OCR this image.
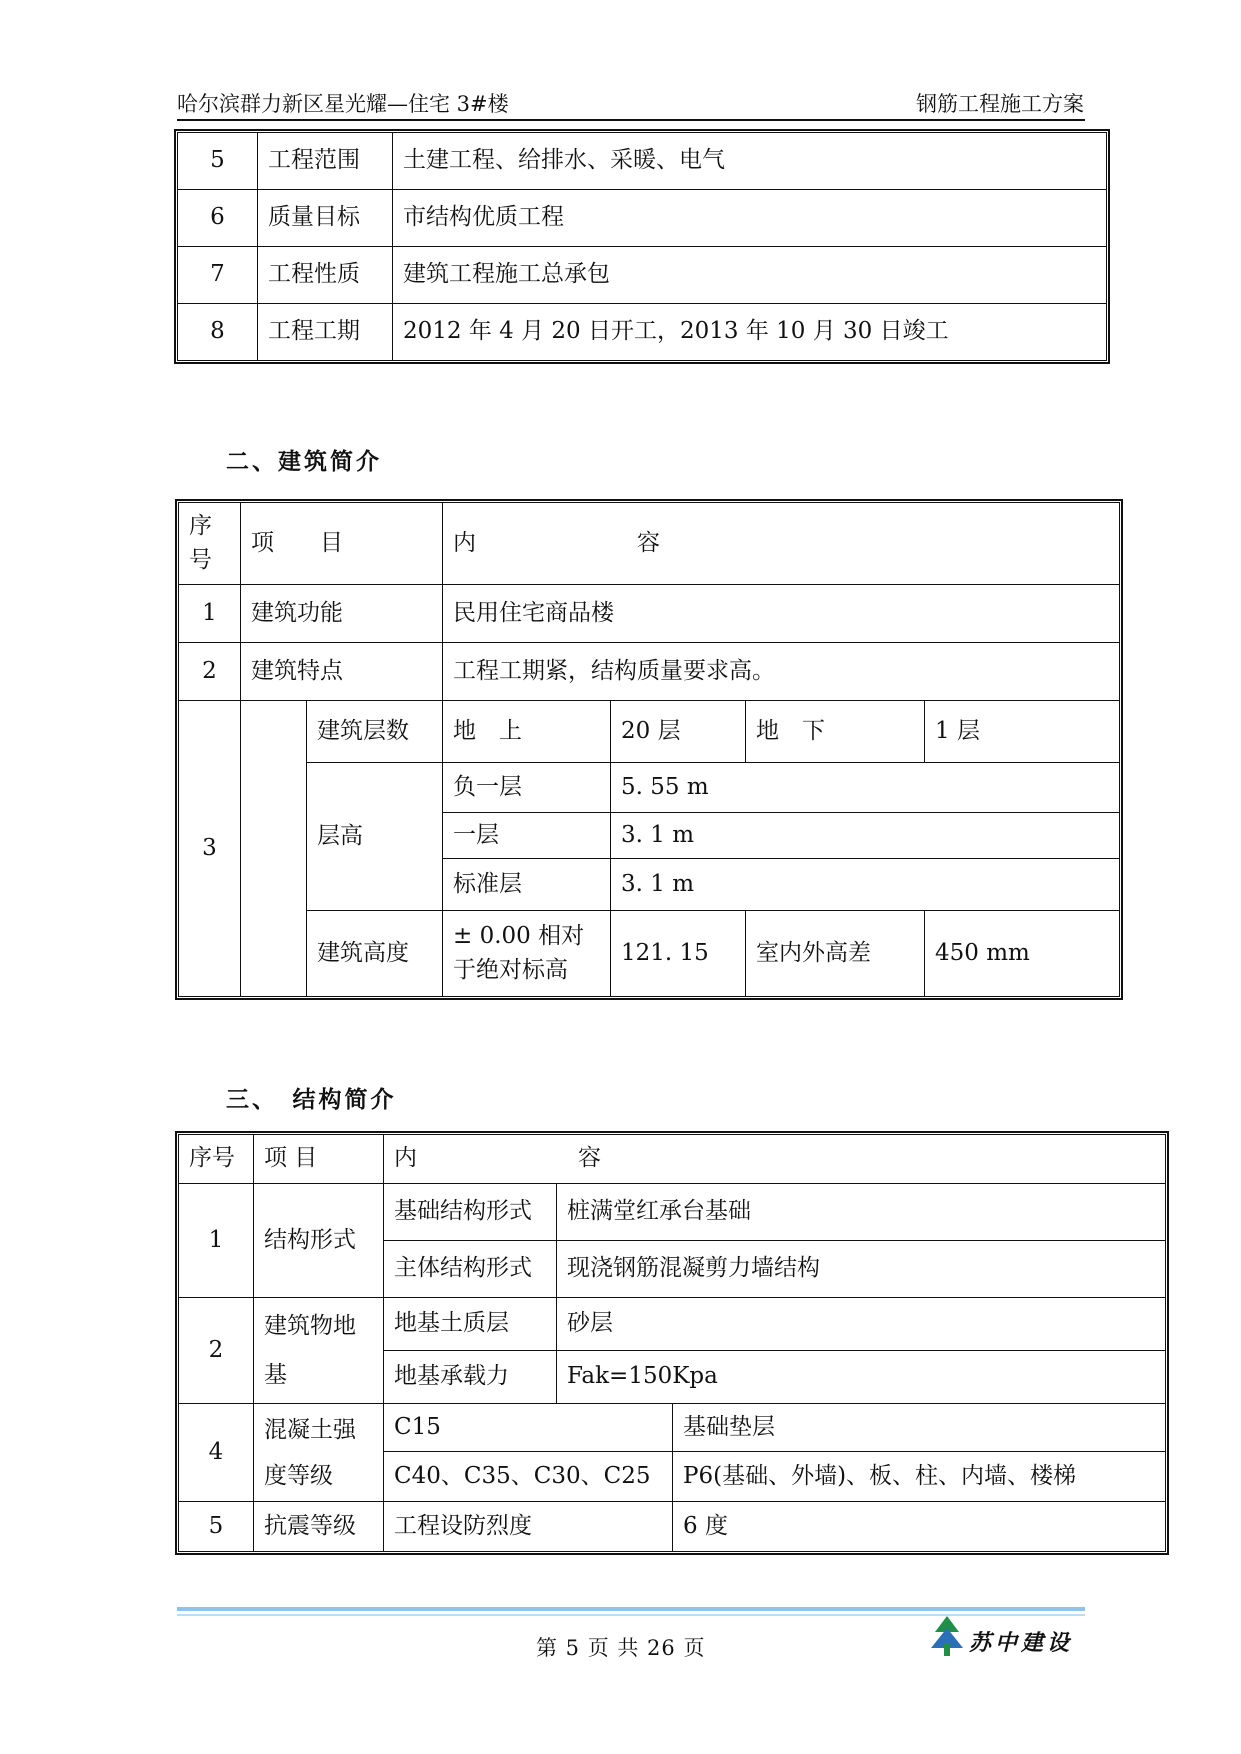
哈尔滨群力新区星光耀—住宅 3#楼	钢筋工程施工方案
5	工程范围	土建工程、给排水、采暖、电气
6	质量目标	市结构优质工程
7	工程性质	建筑工程施工总承包
8	工程工期	2012 年 4 月 20 日开工，2013 年 10 月 30 日竣工
二、建筑简介
序号	项　　目		内　　　　　　　容			
1	建筑功能		民用住宅商品楼			
2	建筑特点		工程工期紧，结构质量要求高。			
3		建筑层数	地　上	20 层	地　下	1 层
		层高	负一层	5. 55 m		
			一层	3. 1 m		
			标准层	3. 1 m		
		建筑高度	± 0.00 相对于绝对标高	121. 15	室内外高差	450 mm
三、　结构简介
序号	项 目	内　　　　　　　容		
1	结构形式	基础结构形式	桩满堂红承台基础	
		主体结构形式	现浇钢筋混凝剪力墙结构	
2	建筑物地基	地基土质层	砂层	
		地基承载力	Fak=150Kpa	
4	混凝土强度等级	C15		基础垫层
		C40、C35、C30、C25		P6(基础、外墙)、板、柱、内墙、楼梯
5	抗震等级	工程设防烈度		6 度
第 5 页 共 26 页	苏中建设
